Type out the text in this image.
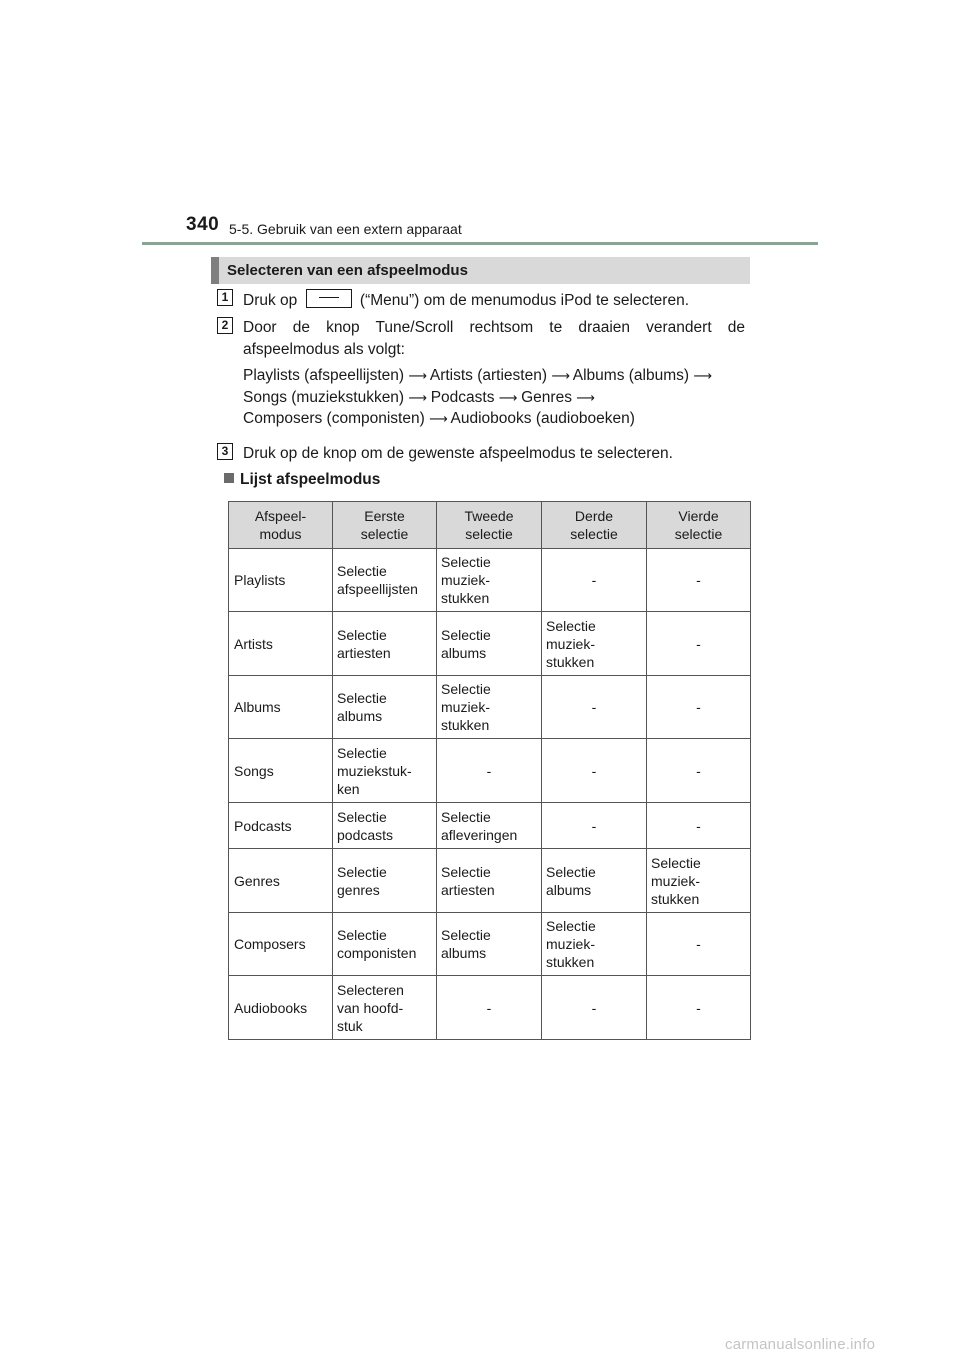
340 5-5. Gebruik van een extern apparaat
Selecteren van een afspeelmodus
1 Druk op	(“Menu”) om de menumodus iPod te selecteren.
2 Door de knop Tune/Scroll rechtsom te draaien verandert de afspeelmodus als volgt:
Playlists (afspeellijsten) ⟶ Artists (artiesten) ⟶ Albums (albums) ⟶
Songs (muziekstukken) ⟶ Podcasts ⟶ Genres ⟶
Composers (componisten) ⟶ Audiobooks (audioboeken)
3 Druk op de knop om de gewenste afspeelmodus te selecteren.
Lijst afspeelmodus
Afspeel-
modus	Eerste
selectie	Tweede
selectie	Derde
selectie	Vierde
selectie
Playlists	Selectie
afspeellijsten	Selectie
muziek-
stukken	-	-
Artists	Selectie
artiesten	Selectie
albums	Selectie
muziek-
stukken	-
Albums	Selectie
albums	Selectie
muziek-
stukken	-	-
Songs	Selectie
muziekstuk-
ken	-	-	-
Podcasts	Selectie
podcasts	Selectie
afleveringen	-	-
Genres	Selectie
genres	Selectie
artiesten	Selectie
albums	Selectie
muziek-
stukken
Composers	Selectie
componisten	Selectie
albums	Selectie
muziek-
stukken	-
Audiobooks	Selecteren
van hoofd-
stuk	-	-	-
carmanualsonline.info
